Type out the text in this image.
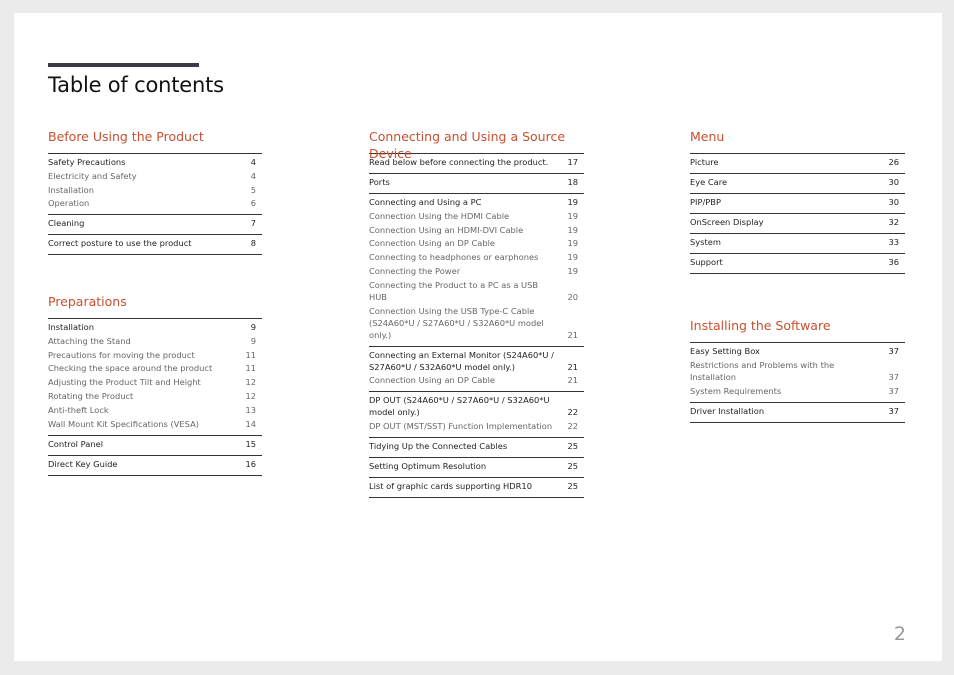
Table of contents
Before Using the Product
Safety Precautions	4
Electricity and Safety	4
Installation	5
Operation	6
Cleaning	7
Correct posture to use the product	8
Preparations
Installation	9
Attaching the Stand	9
Precautions for moving the product	11
Checking the space around the product	11
Adjusting the Product Tilt and Height	12
Rotating the Product	12
Anti-theft Lock	13
Wall Mount Kit Specifications (VESA)	14
Control Panel	15
Direct Key Guide	16
Connecting and Using a Source Device
Read below before connecting the product.	17
Ports	18
Connecting and Using a PC	19
Connection Using the HDMI Cable	19
Connection Using an HDMI-DVI Cable	19
Connection Using an DP Cable	19
Connecting to headphones or earphones	19
Connecting the Power	19
Connecting the Product to a PC as a USB HUB	20
Connection Using the USB Type-C Cable (S24A60*U / S27A60*U / S32A60*U model only.)	21
Connecting an External Monitor (S24A60*U / S27A60*U / S32A60*U model only.)	21
Connection Using an DP Cable	21
DP OUT (S24A60*U / S27A60*U / S32A60*U model only.)	22
DP OUT (MST/SST) Function Implementation	22
Tidying Up the Connected Cables	25
Setting Optimum Resolution	25
List of graphic cards supporting HDR10	25
Menu
Picture	26
Eye Care	30
PIP/PBP	30
OnScreen Display	32
System	33
Support	36
Installing the Software
Easy Setting Box	37
Restrictions and Problems with the Installation	37
System Requirements	37
Driver Installation	37
2
